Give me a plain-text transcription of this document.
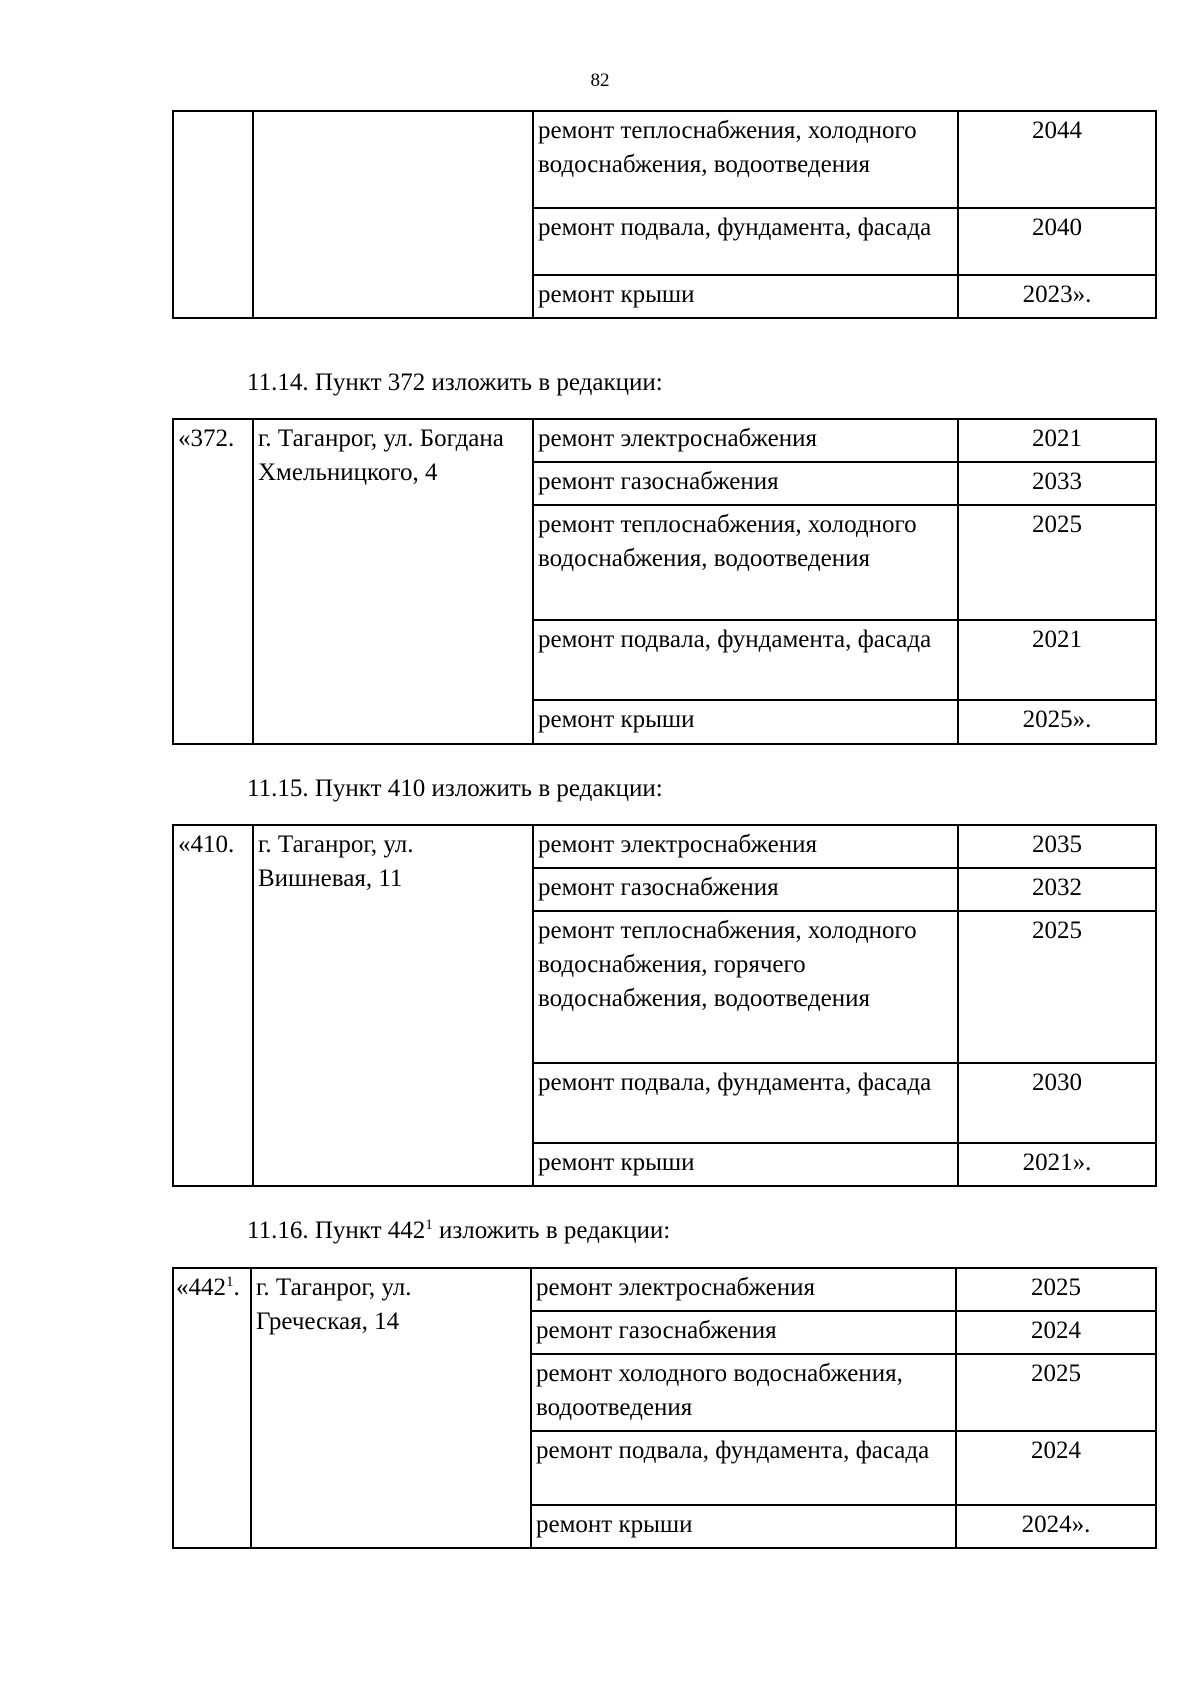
82
		ремонт теплоснабжения, холодного водоснабжения, водоотведения	2044
		ремонт подвала, фундамента, фасада	2040
		ремонт крыши	2023».
11.14. Пункт 372 изложить в редакции:
«372.	г. Таганрог, ул. Богдана Хмельницкого, 4	ремонт электроснабжения	2021
		ремонт газоснабжения	2033
		ремонт теплоснабжения, холодного водоснабжения, водоотведения	2025
		ремонт подвала, фундамента, фасада	2021
		ремонт крыши	2025».
11.15. Пункт 410 изложить в редакции:
«410.	г. Таганрог, ул. Вишневая, 11	ремонт электроснабжения	2035
		ремонт газоснабжения	2032
		ремонт теплоснабжения, холодного водоснабжения, горячего водоснабжения, водоотведения	2025
		ремонт подвала, фундамента, фасада	2030
		ремонт крыши	2021».
11.16. Пункт $442^1$ изложить в редакции:
«$442^1$.	г. Таганрог, ул. Греческая, 14	ремонт электроснабжения	2025
		ремонт газоснабжения	2024
		ремонт холодного водоснабжения, водоотведения	2025
		ремонт подвала, фундамента, фасада	2024
		ремонт крыши	2024».
